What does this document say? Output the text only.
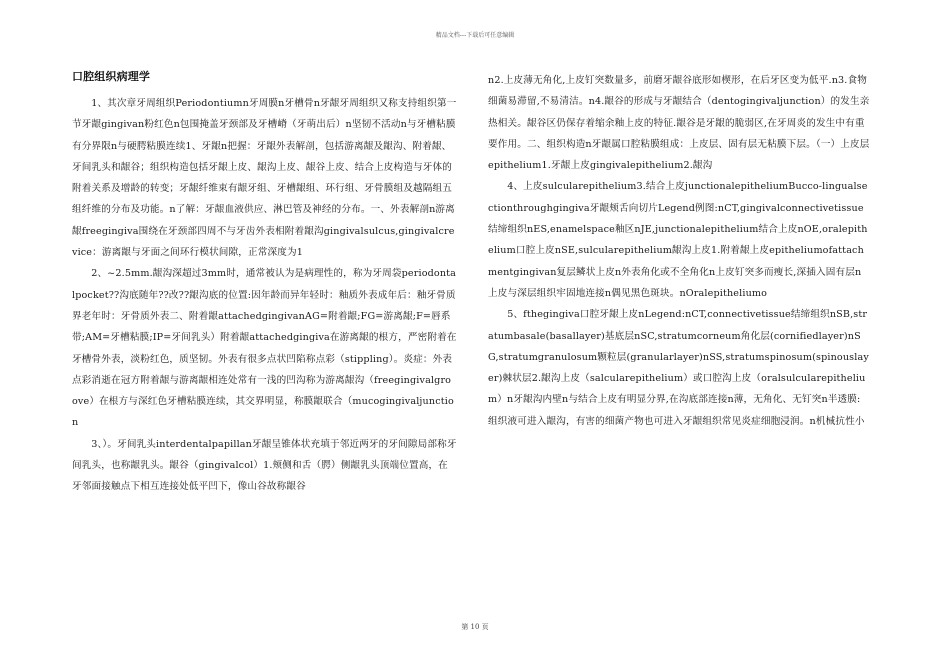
精品文档---下载后可任意编辑
口腔组织病理学

1、其次章牙周组织Periodontiumn牙周膜n牙槽骨n牙龈牙周组织又称支持组织第一节牙龈gingivan粉红色n包围掩盖牙颈部及牙槽嵴（牙萌出后）n坚韧不活动n与牙槽粘膜有分界限n与硬腭粘膜连续1、牙龈n把握：牙龈外表解剖，包括游离龈及龈沟、附着龈、牙间乳头和龈谷；组织构造包括牙龈上皮、龈沟上皮、龈谷上皮、结合上皮构造与牙体的附着关系及增龄的转变；牙龈纤维束有龈牙组、牙槽龈组、环行组、牙骨膜组及越隔组五组纤维的分布及功能。n了解：牙龈血液供应、淋巴管及神经的分布。一、外表解剖n游离龈freegingiva围绕在牙颈部四周不与牙齿外表相附着龈沟gingivalsulcus,gingivalcrevice：游离龈与牙面之间环行模状间隙，正常深度为1

2、~2.5mm.龈沟深超过3mm时，通常被认为是病理性的，称为牙周袋periodontalpocket??沟底随年??改??龈沟底的位置:因年龄而异年轻时：釉质外表成年后：釉牙骨质界老年时：牙骨质外表二、附着龈attachedgingivanAG=附着龈;FG=游离龈;F=唇系带;AM=牙槽粘膜;IP=牙间乳头）附着龈attachedgingiva在游离龈的根方，严密附着在牙槽骨外表，淡粉红色，质坚韧。外表有很多点状凹陷称点彩（stippling）。炎症：外表点彩消逝在冠方附着龈与游离龈相连处常有一浅的凹沟称为游离龈沟（freegingivalgroove）在根方与深红色牙槽粘膜连续，其交界明显，称膜龈联合（mucogingivaljunction

3、）。牙间乳头interdentalpapillan牙龈呈锥体状充填于邻近两牙的牙间隙局部称牙间乳头，也称龈乳头。龈谷（gingivalcol）1.颊侧和舌（腭）侧龈乳头顶端位置高，在牙邻面接触点下相互连接处低平凹下，像山谷故称龈谷

n2.上皮薄无角化,上皮钉突数量多，前磨牙龈谷底形如楔形，在后牙区变为低平.n3.食物细菌易滞留,不易清洁。n4.龈谷的形成与牙龈结合（dentogingivaljunction）的发生亲热相关。龈谷区仍保存着缩余釉上皮的特征.龈谷是牙龈的脆弱区,在牙周炎的发生中有重要作用。二、组织构造n牙龈属口腔粘膜组成：上皮层、固有层无粘膜下层。（一）上皮层epithelium1.牙龈上皮gingivalepithelium2.龈沟

4、上皮sulcularepithelium3.结合上皮junctionalepitheliumBucco-lingualsectionthroughgingiva牙龈颊舌向切片Legend例图:nCT,gingivalconnectivetissue结缔组织nES,enamelspace釉区nJE,junctionalepithelium结合上皮nOE,oralepithelium口腔上皮nSE,sulcularepithelium龈沟上皮1.附着龈上皮epitheliumofattachmentgingivan复层鳞状上皮n外表角化或不全角化n上皮钉突多而瘦长,深插入固有层n上皮与深层组织牢固地连接n偶见黑色斑块。nOralepitheliumo

5、fthegingiva口腔牙龈上皮nLegend:nCT,connectivetissue结缔组织nSB,stratumbasale(basallayer)基底层nSC,stratumcorneum角化层(cornifiedlayer)nSG,stratumgranulosum颗粒层(granularlayer)nSS,stratumspinosum(spinouslayer)棘状层2.龈沟上皮（salcularepithelium）或口腔沟上皮（oralsulcularepithelium）n牙龈沟内壁n与结合上皮有明显分界,在沟底部连接n薄，无角化、无钉突n半透膜:组织液可进入龈沟，有害的细菌产物也可进入牙龈组织常见炎症细胞浸润。n机械抗性小

第 10 页
